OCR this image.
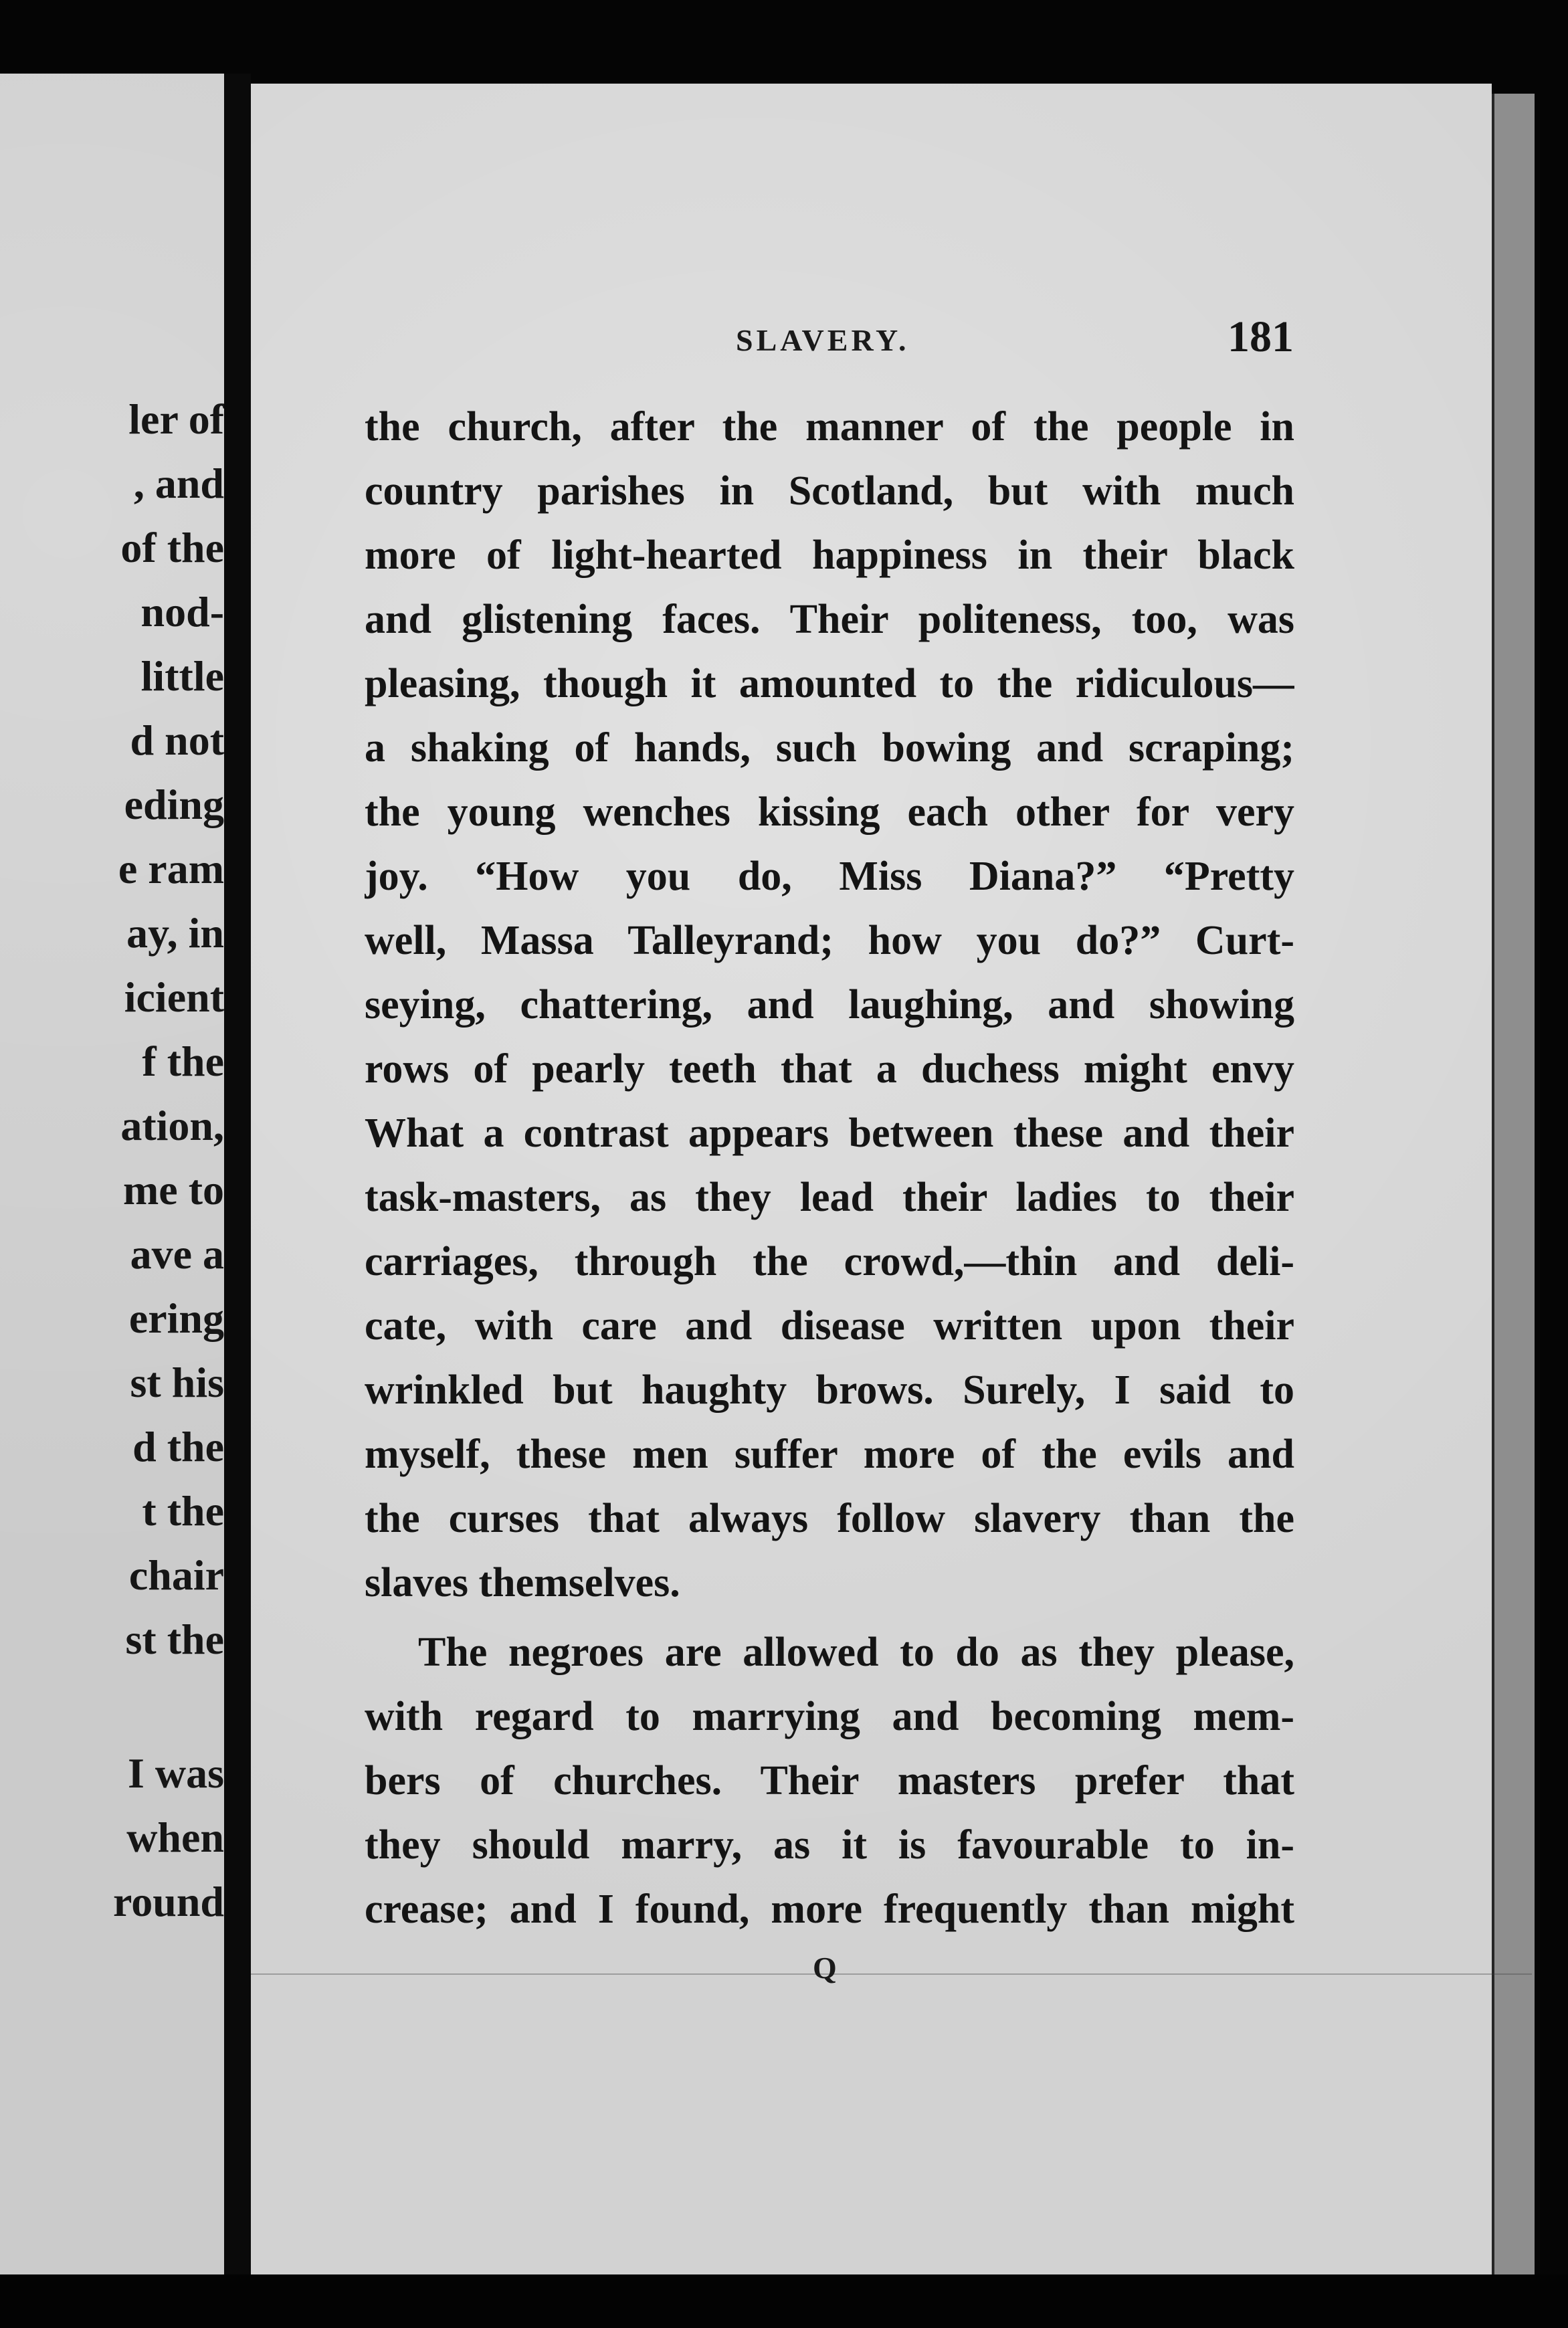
ler of

, and

of the

nod-

little

d not

eding

e ram

ay, in

icient

f the

ation,

me to

ave a

ering

st his

d the

t the

chair

st the

I was

when

round

SLAVERY.	181

the church, after the manner of the people in
country parishes in Scotland, but with much
more of light-hearted happiness in their black
and glistening faces. Their politeness, too, was
pleasing, though it amounted to the ridiculous—
a shaking of hands, such bowing and scraping;
the young wenches kissing each other for very
joy. “How you do, Miss Diana?” “Pretty
well, Massa Talleyrand; how you do?” Curt-
seying, chattering, and laughing, and showing
rows of pearly teeth that a duchess might envy
What a contrast appears between these and their
task-masters, as they lead their ladies to their
carriages, through the crowd,—thin and deli-
cate, with care and disease written upon their
wrinkled but haughty brows. Surely, I said to
myself, these men suffer more of the evils and
the curses that always follow slavery than the
slaves themselves.
The negroes are allowed to do as they please,
with regard to marrying and becoming mem-
bers of churches. Their masters prefer that
they should marry, as it is favourable to in-
crease; and I found, more frequently than might

Q
